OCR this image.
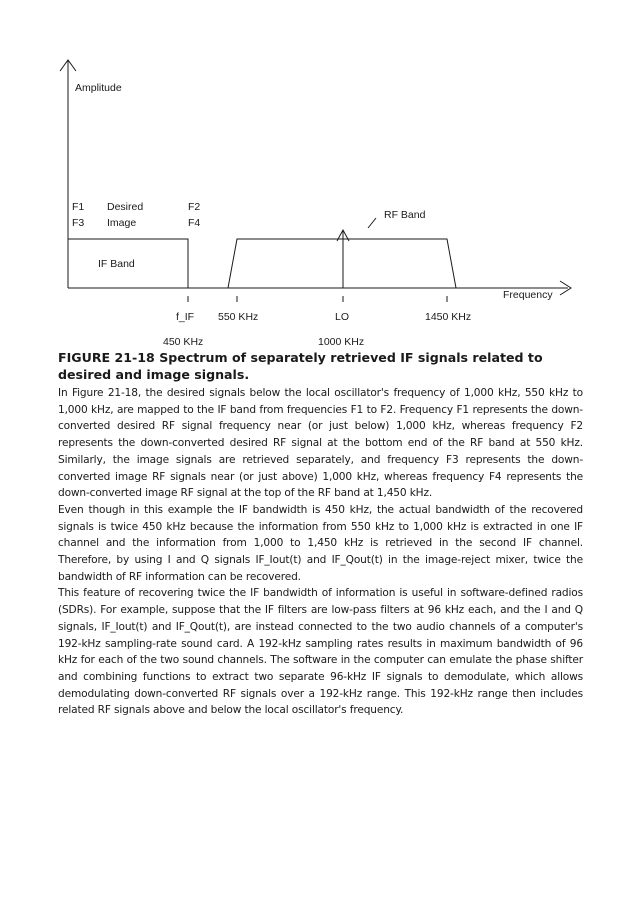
Amplitude
Frequency
F1 Desired	F2
F3 Image	F4
IF Band
RF Band
f_IF 550 KHz	LO	1450 KHz
450 KHz	1000 KHz

FIGURE 21-18 Spectrum of separately retrieved IF signals related to desired and image signals.

In Figure 21-18, the desired signals below the local oscillator's frequency of 1,000 kHz, 550 kHz to 1,000 kHz, are mapped to the IF band from frequencies F1 to F2. Frequency F1 represents the down-converted desired RF signal frequency near (or just below) 1,000 kHz, whereas frequency F2 represents the down-converted desired RF signal at the bottom end of the RF band at 550 kHz. Similarly, the image signals are retrieved separately, and frequency F3 represents the down-converted image RF signals near (or just above) 1,000 kHz, whereas frequency F4 represents the down-converted image RF signal at the top of the RF band at 1,450 kHz.

Even though in this example the IF bandwidth is 450 kHz, the actual bandwidth of the recovered signals is twice 450 kHz because the information from 550 kHz to 1,000 kHz is extracted in one IF channel and the information from 1,000 to 1,450 kHz is retrieved in the second IF channel. Therefore, by using I and Q signals IF_Iout(t) and IF_Qout(t) in the image-reject mixer, twice the bandwidth of RF information can be recovered.

This feature of recovering twice the IF bandwidth of information is useful in software-defined radios (SDRs). For example, suppose that the IF filters are low-pass filters at 96 kHz each, and the I and Q signals, IF_Iout(t) and IF_Qout(t), are instead connected to the two audio channels of a computer's 192-kHz sampling-rate sound card. A 192-kHz sampling rates results in maximum bandwidth of 96 kHz for each of the two sound channels. The software in the computer can emulate the phase shifter and combining functions to extract two separate 96-kHz IF signals to demodulate, which allows demodulating down-converted RF signals over a 192-kHz range. This 192-kHz range then includes related RF signals above and below the local oscillator's frequency.
